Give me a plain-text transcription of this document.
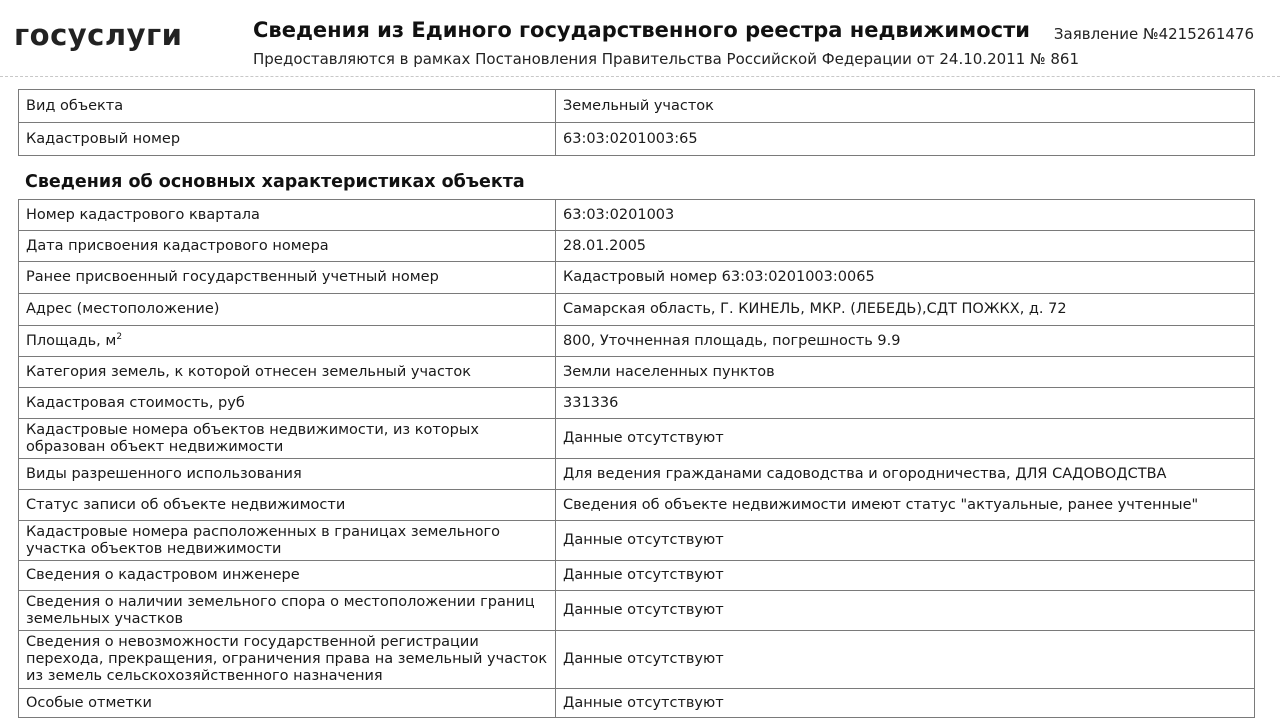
госуслуги	Сведения из Единого государственного реестра недвижимости
Предоставляются в рамках Постановления Правительства Российской Федерации от 24.10.2011 № 861
Заявление №4215261476
Вид объекта	Земельный участок
Кадастровый номер	63:03:0201003:65
Сведения об основных характеристиках объекта
Номер кадастрового квартала	63:03:0201003
Дата присвоения кадастрового номера	28.01.2005
Ранее присвоенный государственный учетный номер	Кадастровый номер 63:03:0201003:0065
Адрес (местоположение)	Самарская область, Г. КИНЕЛЬ, МКР. (ЛЕБЕДЬ),СДТ ПОЖКХ, д. 72
Площадь, $м^2$	800, Уточненная площадь, погрешность 9.9
Категория земель, к которой отнесен земельный участок	Земли населенных пунктов
Кадастровая стоимость, руб	331336
Кадастровые номера объектов недвижимости, из которых образован объект недвижимости	Данные отсутствуют
Виды разрешенного использования	Для ведения гражданами садоводства и огородничества, ДЛЯ САДОВОДСТВА
Статус записи об объекте недвижимости	Сведения об объекте недвижимости имеют статус "актуальные, ранее учтенные"
Кадастровые номера расположенных в границах земельного участка объектов недвижимости	Данные отсутствуют
Сведения о кадастровом инженере	Данные отсутствуют
Сведения о наличии земельного спора о местоположении границ земельных участков	Данные отсутствуют
Сведения о невозможности государственной регистрации перехода, прекращения, ограничения права на земельный участок из земель сельскохозяйственного назначения	Данные отсутствуют
Особые отметки	Данные отсутствуют
